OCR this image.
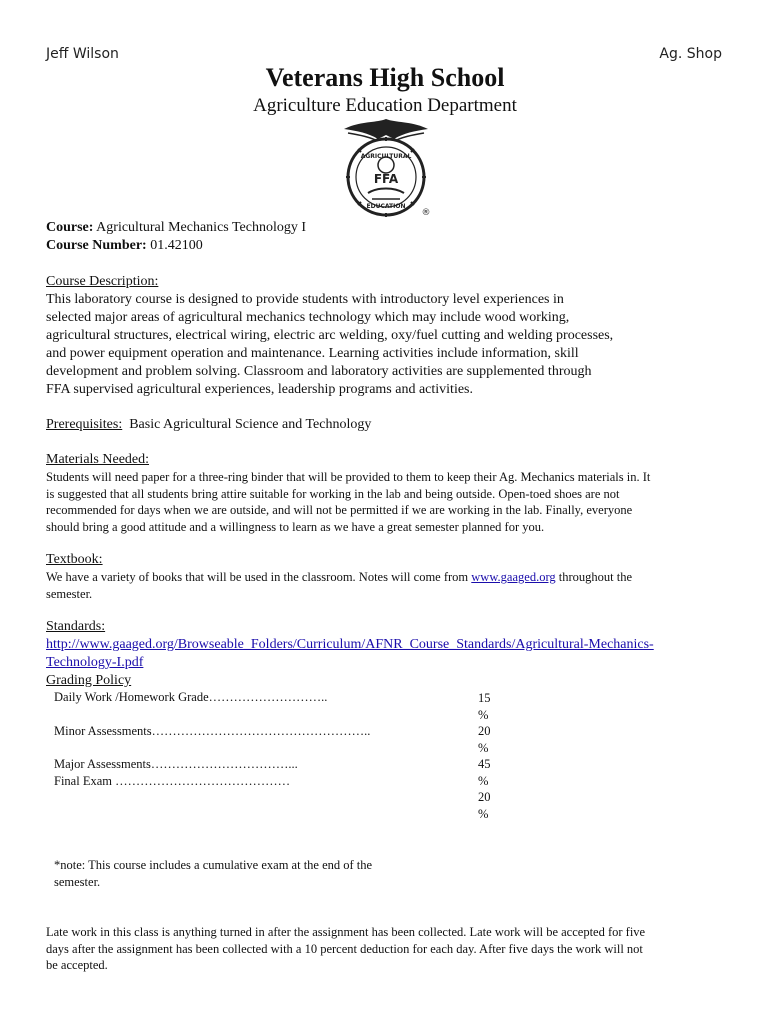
Jeff Wilson	Ag. Shop
Veterans High School
Agriculture Education Department
AGRICULTURAL
FFA
EDUCATION
®
Course: Agricultural Mechanics Technology I
Course Number: 01.42100
Course Description:
This laboratory course is designed to provide students with introductory level experiences in
selected major areas of agricultural mechanics technology which may include wood working,
agricultural structures, electrical wiring, electric arc welding, oxy/fuel cutting and welding processes,
and power equipment operation and maintenance. Learning activities include information, skill
development and problem solving. Classroom and laboratory activities are supplemented through
FFA supervised agricultural experiences, leadership programs and activities.
Prerequisites: Basic Agricultural Science and Technology
Materials Needed:
Students will need paper for a three-ring binder that will be provided to them to keep their Ag. Mechanics materials in. It
is suggested that all students bring attire suitable for working in the lab and being outside. Open-toed shoes are not
recommended for days when we are outside, and will not be permitted if we are working in the lab. Finally, everyone
should bring a good attitude and a willingness to learn as we have a great semester planned for you.
Textbook:
We have a variety of books that will be used in the classroom. Notes will come from www.gaaged.org throughout the
semester.
Standards:
http://www.gaaged.org/Browseable_Folders/Curriculum/AFNR_Course_Standards/Agricultural-Mechanics-
Technology-I.pdf
Grading Policy
Daily Work /Homework Grade………………………..
Minor Assessments……………………………………………..
Major Assessments……………………………...
Final Exam ……………………………………
15
%
20
%
45
%
20
%
*note: This course includes a cumulative exam at the end of the
semester.
Late work in this class is anything turned in after the assignment has been collected. Late work will be accepted for five
days after the assignment has been collected with a 10 percent deduction for each day. After five days the work will not
be accepted.
